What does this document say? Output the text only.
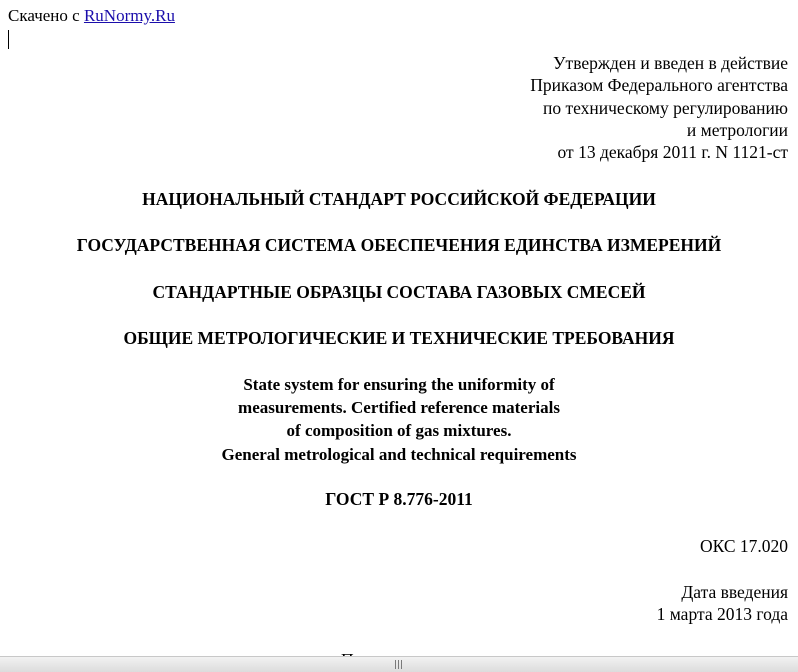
Скачено с RuNormy.Ru
Утвержден и введен в действие
Приказом Федерального агентства
по техническому регулированию
и метрологии
от 13 декабря 2011 г. N 1121-ст
НАЦИОНАЛЬНЫЙ СТАНДАРТ РОССИЙСКОЙ ФЕДЕРАЦИИ
ГОСУДАРСТВЕННАЯ СИСТЕМА ОБЕСПЕЧЕНИЯ ЕДИНСТВА ИЗМЕРЕНИЙ
СТАНДАРТНЫЕ ОБРАЗЦЫ СОСТАВА ГАЗОВЫХ СМЕСЕЙ
ОБЩИЕ МЕТРОЛОГИЧЕСКИЕ И ТЕХНИЧЕСКИЕ ТРЕБОВАНИЯ
State system for ensuring the uniformity of
measurements. Certified reference materials
of composition of gas mixtures.
General metrological and technical requirements
ГОСТ Р 8.776-2011
ОКС 17.020
Дата введения
1 марта 2013 года
